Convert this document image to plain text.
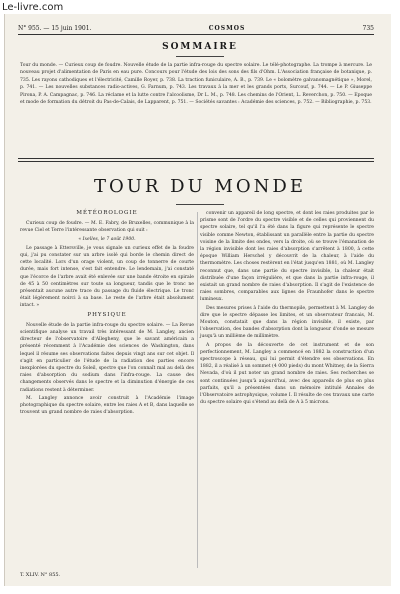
Le-livre.com
N° 955. — 15 juin 1901.	COSMOS	735
SOMMAIRE
Tour du monde. — Curieux coup de foudre. Nouvelle étude de la partie infra-rouge du spectre solaire. Le télé-photographe. La trompe à mercure. Le nouveau projet d'alimentation de Paris en eau pure. Concours pour l'étude des lois des sons des fils d'Ohm. L'Association française de botanique, p. 735. Les rayons cathodiques et l'électricité, Camille Royer, p. 738. La traction funiculaire, A. B., p. 739. Le « bolomètre galvanomagnétique », Morel, p. 741. — Les nouvelles substances radio-actives, G. Farnum, p. 743. Les travaux à la mer et les grands ports, Surcouf, p. 744. — Le P. Giuseppe Pirona, P. A. Campagnac, p. 746. La réclame et la lutte contre l'alcoolisme, Dr L. M., p. 748. Les chemins de l'Orient, L. Reverchon, p. 750. — Epoque et mode de formation du détroit du Pas-de-Calais, de Lapparent, p. 751. — Sociétés savantes : Académie des sciences, p. 752. — Bibliographie, p. 753.
TOUR DU MONDE
MÉTÉOROLOGIE

Curieux coup de foudre. — M. E. Fabry, de Bruxelles, communique à la revue Ciel et Terre l'intéressante observation qui suit :

« Ixelles, le 7 août 1900.

Le passage à Ettersville, je vous signale un curieux effet de la foudre qui, j'ai pu constater sur un arbre isolé qui borde le chemin direct de cette localité. Lors d'un orage violent, un coup de tonnerre de courte durée, mais fort intense, s'est fait entendre. Le lendemain, j'ai constaté que l'écorce de l'arbre avait été enlevée sur une bande étroite en spirale de 45 à 50 centimètres sur toute sa longueur, tandis que le tronc ne présentait aucune autre trace du passage du fluide électrique. Le tronc était légèrement noirci à sa base. Le reste de l'arbre était absolument intact. »

PHYSIQUE

Nouvelle étude de la partie infra-rouge du spectre solaire. — La Revue scientifique analyse un travail très intéressant de M. Langley, ancien directeur de l'observatoire d'Allegheny, que le savant américain a présenté récemment à l'Académie des sciences de Washington, dans lequel il résume ses observations faites depuis vingt ans sur cet objet. Il s'agit en particulier de l'étude de la radiation des parties encore inexplorées du spectre du Soleil, spectre que l'on connaît mal au delà des raies d'absorption du sodium dans l'infra-rouge. La cause des changements observés dans le spectre et la diminution d'énergie de ces radiations restent à déterminer.

M. Langley annonce avoir construit à l'Académie l'image photographique du spectre solaire, entre les raies A et B, dans laquelle se trouvent un grand nombre de raies d'absorption.

convenir un appareil de long spectre, et dont les raies produites par le prisme sont de l'ordre du spectre visible et de celles qui proviennent du spectre solaire, tel qu'il l'a été dans la figure qui représente le spectre visible comme Newton, établissant un parallèle entre la partie du spectre voisine de la limite des ondes, vers la droite, où se trouve l'émanation de la région invisible dont les raies d'absorption s'arrêtent à 1800, à cette époque William Herschel y découvrit de la chaleur, à l'aide du thermomètre. Les choses restèrent en l'état jusqu'en 1881, où M. Langley reconnut que, dans une partie du spectre invisible, la chaleur était distribuée d'une façon irrégulière, et que dans la partie infra-rouge, il existait un grand nombre de raies d'absorption. Il s'agit de l'existence de raies sombres, comparables aux lignes de Fraunhofer dans le spectre lumineux.

Des mesures prises à l'aide du thermopile, permettent à M. Langley de dire que le spectre dépasse les limites, et un observateur francais, M. Mouton, constatait que dans la région invisible, il existe, par l'observation, des bandes d'absorption dont la longueur d'onde se mesure jusqu'à un millième de millimètre.

A propos de la découverte de cet instrument et de son perfectionnement, M. Langley a commencé en 1882 la construction d'un spectroscope à réseau, qui lui permit d'étendre ses observations. En 1882, il a réalisé à un sommet (4 000 pieds) du mont Whitney, de la Sierra Nevada, d'où il put noter un grand nombre de raies. Ses recherches se sont continuées jusqu'à aujourd'hui, avec des appareils de plus en plus parfaits, qu'il a présentées dans un mémoire intitulé Annales de l'Observatoire astrophysique, volume I. Il résulte de ces travaux une carte du spectre solaire qui s'étend au delà de A à 5 microns.

T. XLIV. N° 855.
